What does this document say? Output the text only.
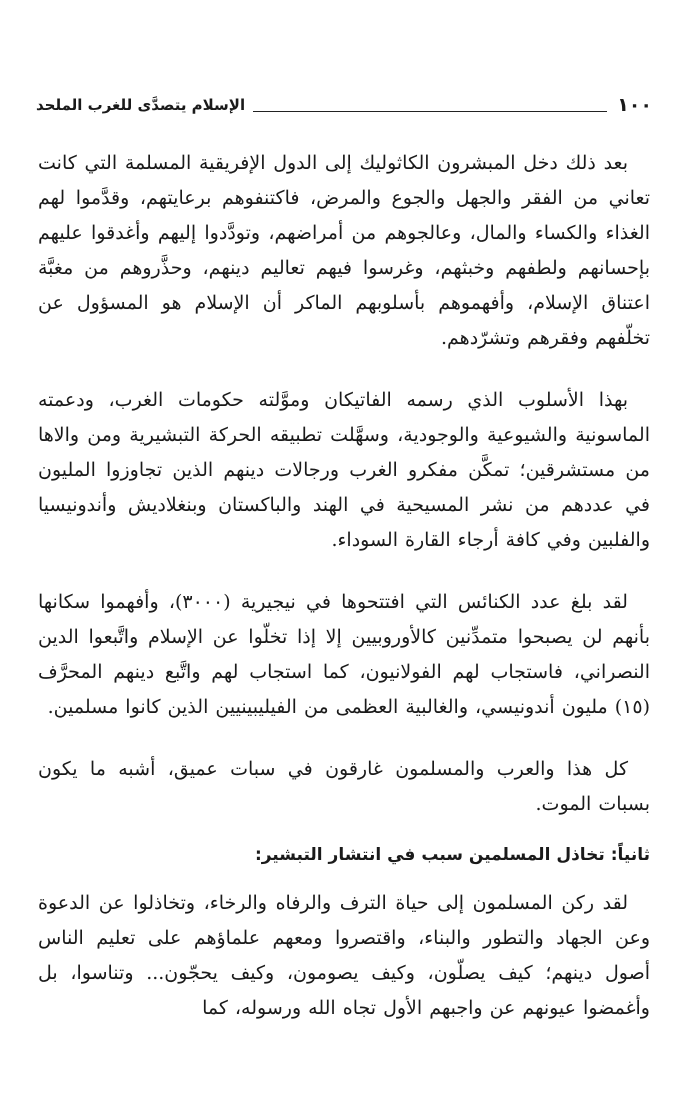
١٠٠
الإسلام يتصدَّى للغرب الملحد

بعد ذلك دخل المبشرون الكاثوليك إلى الدول الإفريقية المسلمة التي كانت تعاني من الفقر والجهل والجوع والمرض، فاكتنفوهم برعايتهم، وقدَّموا لهم الغذاء والكساء والمال، وعالجوهم من أمراضهم، وتودَّدوا إليهم وأغدقوا عليهم بإحسانهم ولطفهم وخبثهم، وغرسوا فيهم تعاليم دينهم، وحذَّروهم من مغبَّة اعتناق الإسلام، وأفهموهم بأسلوبهم الماكر أن الإسلام هو المسؤول عن تخلّفهم وفقرهم وتشرّدهم.

بهذا الأسلوب الذي رسمه الفاتيكان وموَّلته حكومات الغرب، ودعمته الماسونية والشيوعية والوجودية، وسهَّلت تطبيقه الحركة التبشيرية ومن والاها من مستشرقين؛ تمكَّن مفكرو الغرب ورجالات دينهم الذين تجاوزوا المليون في عددهم من نشر المسيحية في الهند والباكستان وبنغلاديش وأندونيسيا والفلبين وفي كافة أرجاء القارة السوداء.

لقد بلغ عدد الكنائس التي افتتحوها في نيجيرية (٣٠٠٠)، وأفهموا سكانها بأنهم لن يصبحوا متمدِّنين كالأوروبيين إلا إذا تخلّوا عن الإسلام واتَّبعوا الدين النصراني، فاستجاب لهم الفولانيون، كما استجاب لهم واتَّبع دينهم المحرَّف (١٥) مليون أندونيسي، والغالبية العظمى من الفيليبينيين الذين كانوا مسلمين.

كل هذا والعرب والمسلمون غارقون في سبات عميق، أشبه ما يكون بسبات الموت.

ثانياً: تخاذل المسلمين سبب في انتشار التبشير:

لقد ركن المسلمون إلى حياة الترف والرفاه والرخاء، وتخاذلوا عن الدعوة وعن الجهاد والتطور والبناء، واقتصروا ومعهم علماؤهم على تعليم الناس أصول دينهم؛ كيف يصلّون، وكيف يصومون، وكيف يحجّون... وتناسوا، بل وأغمضوا عيونهم عن واجبهم الأول تجاه الله ورسوله، كما
